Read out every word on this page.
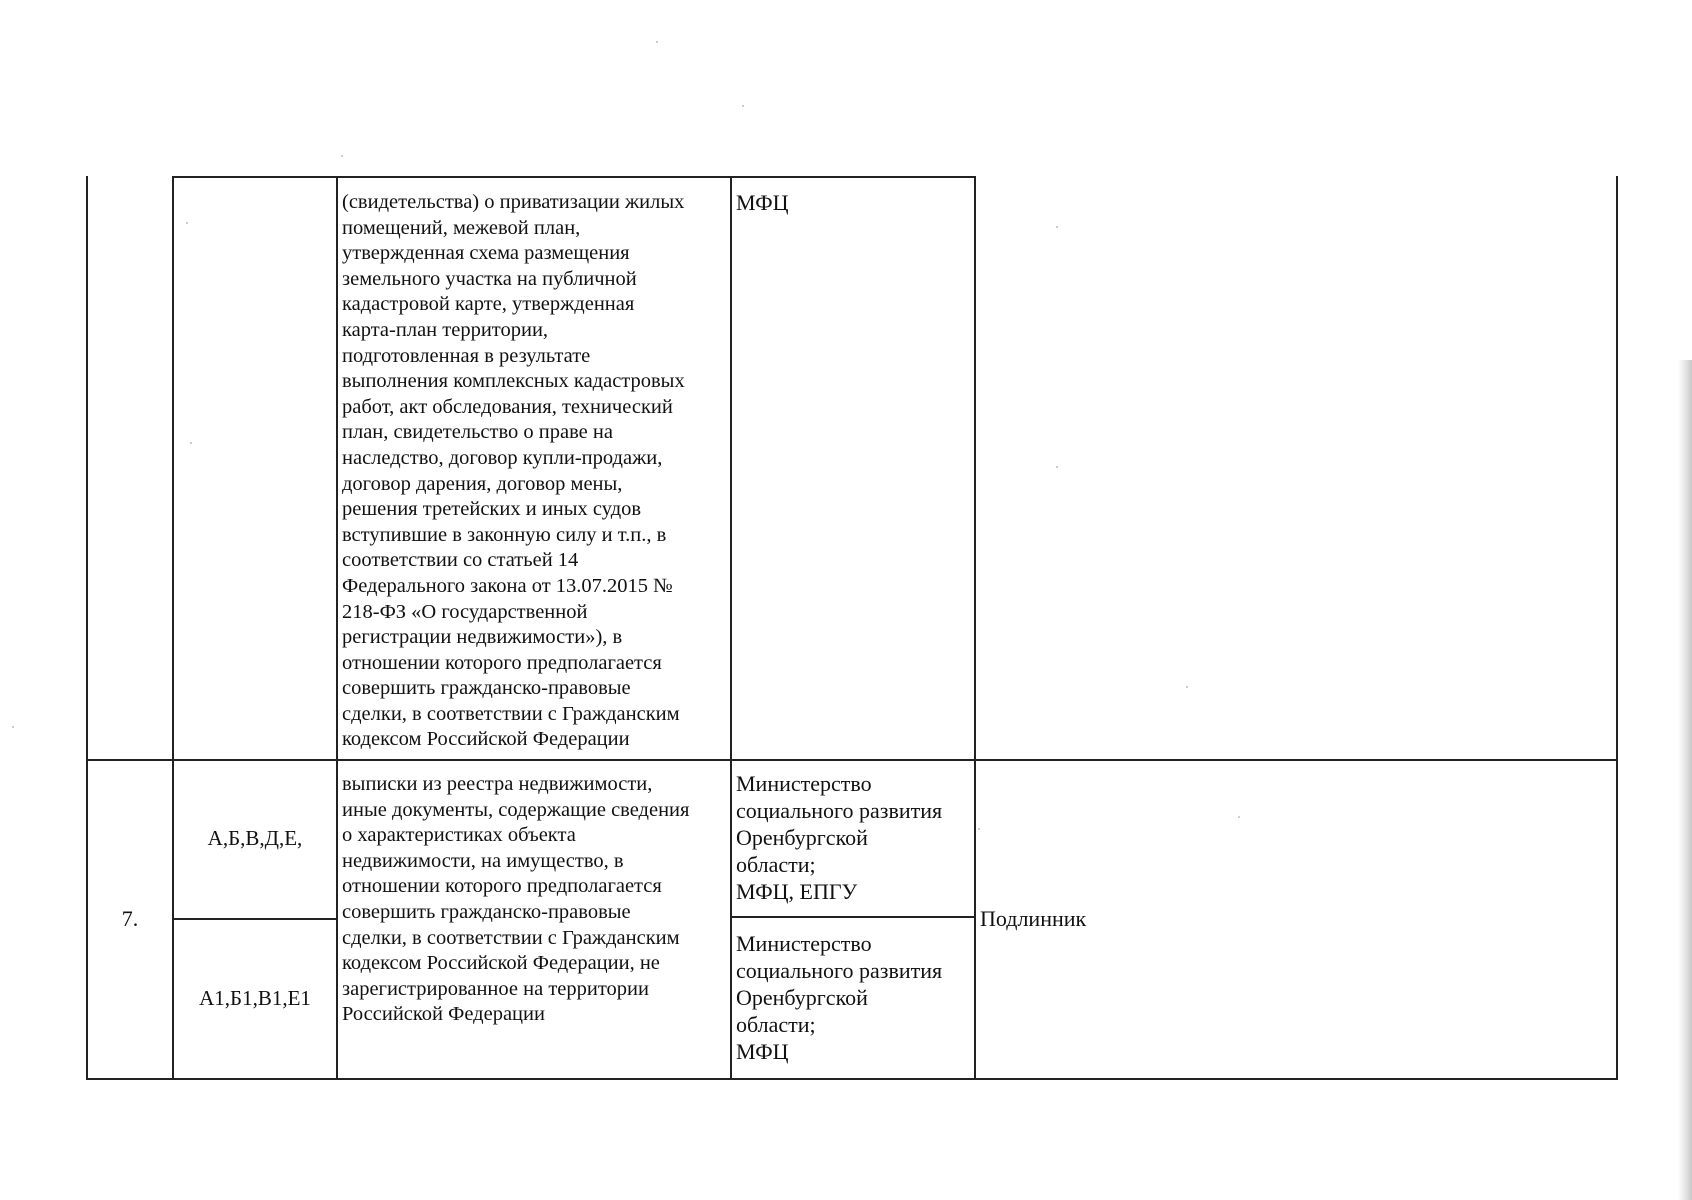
(свидетельства) о приватизации жилых
помещений, межевой план,
утвержденная схема размещения
земельного участка на публичной
кадастровой карте, утвержденная
карта-план территории,
подготовленная в результате
выполнения комплексных кадастровых
работ, акт обследования, технический
план, свидетельство о праве на
наследство, договор купли-продажи,
договор дарения, договор мены,
решения третейских и иных судов
вступившие в законную силу и т.п., в
соответствии со статьей 14
Федерального закона от 13.07.2015 №
218-ФЗ «О государственной
регистрации недвижимости»), в
отношении которого предполагается
совершить гражданско-правовые
сделки, в соответствии с Гражданским
кодексом Российской Федерации
МФЦ
7.
А,Б,В,Д,Е,
А1,Б1,В1,Е1
выписки из реестра недвижимости,
иные документы, содержащие сведения
о характеристиках объекта
недвижимости, на имущество, в
отношении которого предполагается
совершить гражданско-правовые
сделки, в соответствии с Гражданским
кодексом Российской Федерации, не
зарегистрированное на территории
Российской Федерации
Министерство
социального развития
Оренбургской
области;
МФЦ, ЕПГУ
Министерство
социального развития
Оренбургской
области;
МФЦ
Подлинник
